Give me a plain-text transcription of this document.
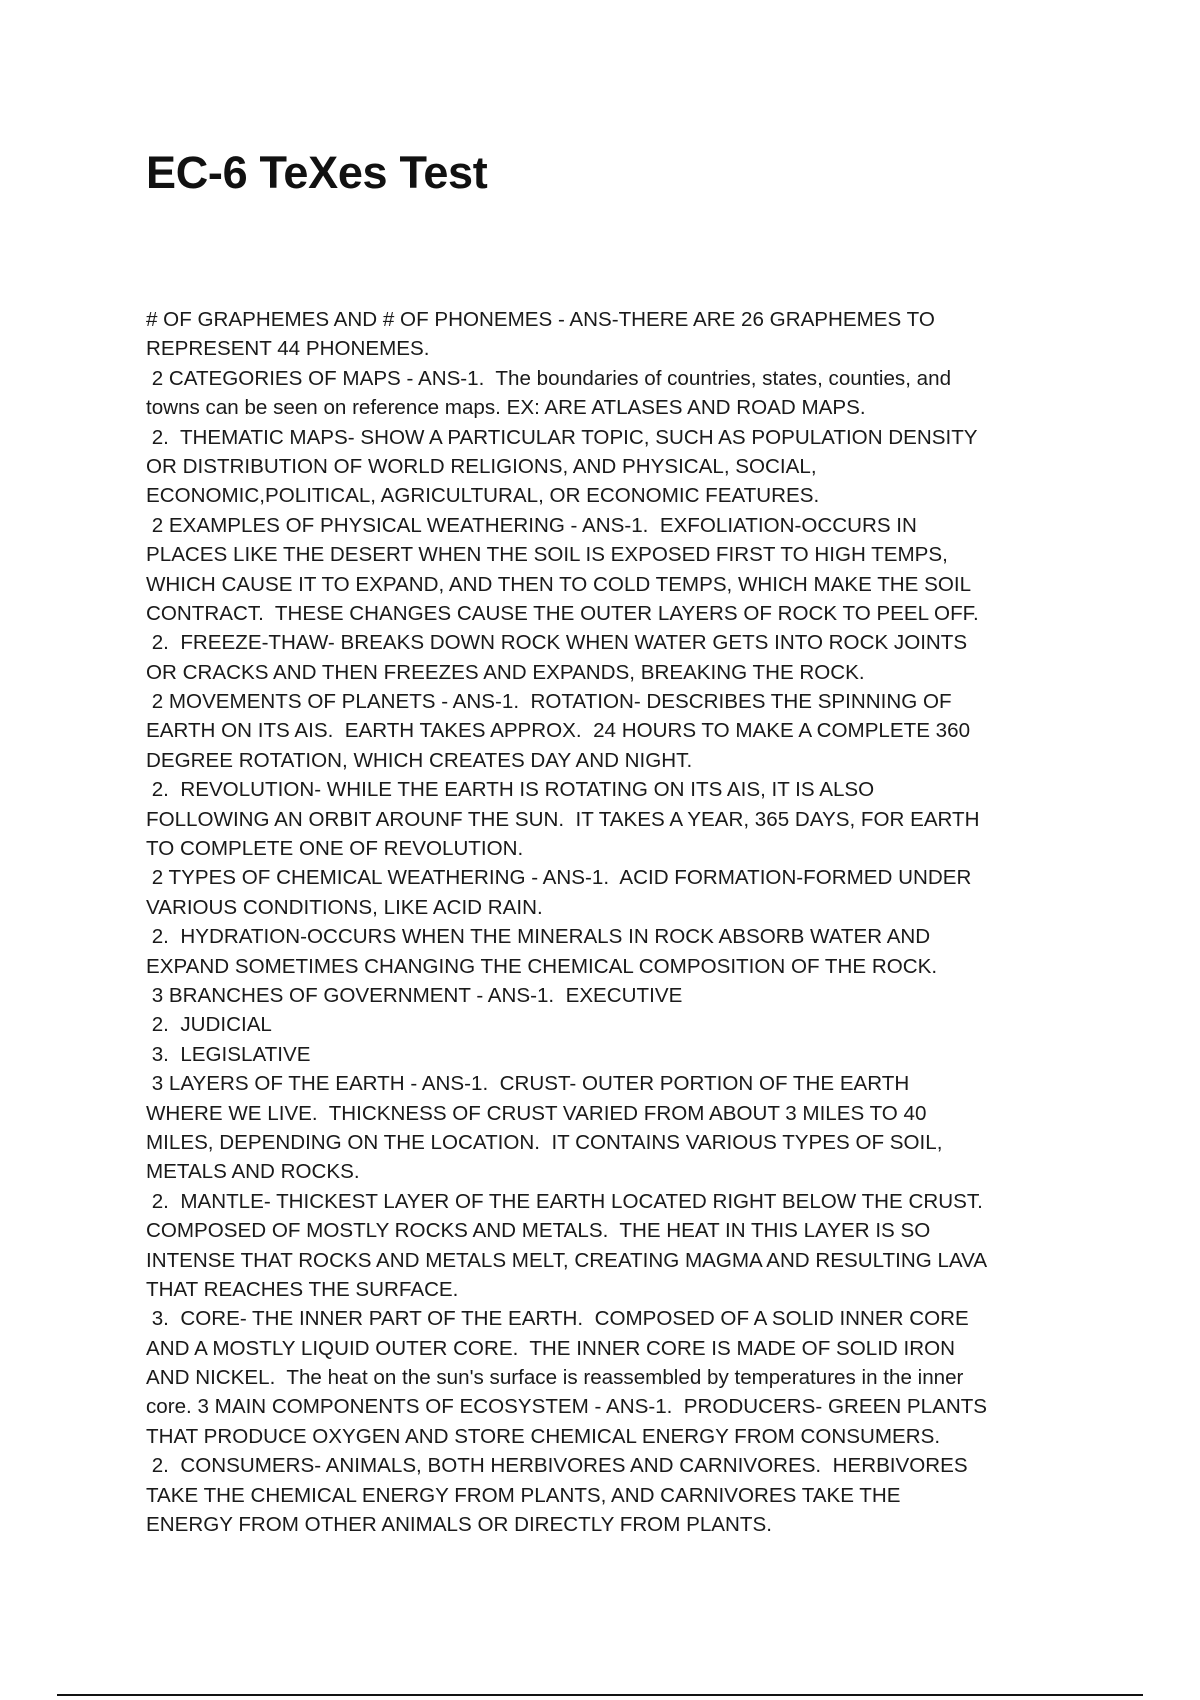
EC-6 TeXes Test
# OF GRAPHEMES AND # OF PHONEMES - ANS-THERE ARE 26 GRAPHEMES TO
REPRESENT 44 PHONEMES.
2 CATEGORIES OF MAPS - ANS-1.  The boundaries of countries, states, counties, and
towns can be seen on reference maps. EX: ARE ATLASES AND ROAD MAPS.
2.  THEMATIC MAPS- SHOW A PARTICULAR TOPIC, SUCH AS POPULATION DENSITY
OR DISTRIBUTION OF WORLD RELIGIONS, AND PHYSICAL, SOCIAL,
ECONOMIC,POLITICAL, AGRICULTURAL, OR ECONOMIC FEATURES.
2 EXAMPLES OF PHYSICAL WEATHERING - ANS-1.  EXFOLIATION-OCCURS IN
PLACES LIKE THE DESERT WHEN THE SOIL IS EXPOSED FIRST TO HIGH TEMPS,
WHICH CAUSE IT TO EXPAND, AND THEN TO COLD TEMPS, WHICH MAKE THE SOIL
CONTRACT.  THESE CHANGES CAUSE THE OUTER LAYERS OF ROCK TO PEEL OFF.
2.  FREEZE-THAW- BREAKS DOWN ROCK WHEN WATER GETS INTO ROCK JOINTS
OR CRACKS AND THEN FREEZES AND EXPANDS, BREAKING THE ROCK.
2 MOVEMENTS OF PLANETS - ANS-1.  ROTATION- DESCRIBES THE SPINNING OF
EARTH ON ITS AIS.  EARTH TAKES APPROX.  24 HOURS TO MAKE A COMPLETE 360
DEGREE ROTATION, WHICH CREATES DAY AND NIGHT.
2.  REVOLUTION- WHILE THE EARTH IS ROTATING ON ITS AIS, IT IS ALSO
FOLLOWING AN ORBIT AROUNF THE SUN.  IT TAKES A YEAR, 365 DAYS, FOR EARTH
TO COMPLETE ONE OF REVOLUTION.
2 TYPES OF CHEMICAL WEATHERING - ANS-1.  ACID FORMATION-FORMED UNDER
VARIOUS CONDITIONS, LIKE ACID RAIN.
2.  HYDRATION-OCCURS WHEN THE MINERALS IN ROCK ABSORB WATER AND
EXPAND SOMETIMES CHANGING THE CHEMICAL COMPOSITION OF THE ROCK.
3 BRANCHES OF GOVERNMENT - ANS-1.  EXECUTIVE
2.  JUDICIAL
3.  LEGISLATIVE
3 LAYERS OF THE EARTH - ANS-1.  CRUST- OUTER PORTION OF THE EARTH
WHERE WE LIVE.  THICKNESS OF CRUST VARIED FROM ABOUT 3 MILES TO 40
MILES, DEPENDING ON THE LOCATION.  IT CONTAINS VARIOUS TYPES OF SOIL,
METALS AND ROCKS.
2.  MANTLE- THICKEST LAYER OF THE EARTH LOCATED RIGHT BELOW THE CRUST.
COMPOSED OF MOSTLY ROCKS AND METALS.  THE HEAT IN THIS LAYER IS SO
INTENSE THAT ROCKS AND METALS MELT, CREATING MAGMA AND RESULTING LAVA
THAT REACHES THE SURFACE.
3.  CORE- THE INNER PART OF THE EARTH.  COMPOSED OF A SOLID INNER CORE
AND A MOSTLY LIQUID OUTER CORE.  THE INNER CORE IS MADE OF SOLID IRON
AND NICKEL.  The heat on the sun's surface is reassembled by temperatures in the inner
core. 3 MAIN COMPONENTS OF ECOSYSTEM - ANS-1.  PRODUCERS- GREEN PLANTS
THAT PRODUCE OXYGEN AND STORE CHEMICAL ENERGY FROM CONSUMERS.
2.  CONSUMERS- ANIMALS, BOTH HERBIVORES AND CARNIVORES.  HERBIVORES
TAKE THE CHEMICAL ENERGY FROM PLANTS, AND CARNIVORES TAKE THE
ENERGY FROM OTHER ANIMALS OR DIRECTLY FROM PLANTS.
